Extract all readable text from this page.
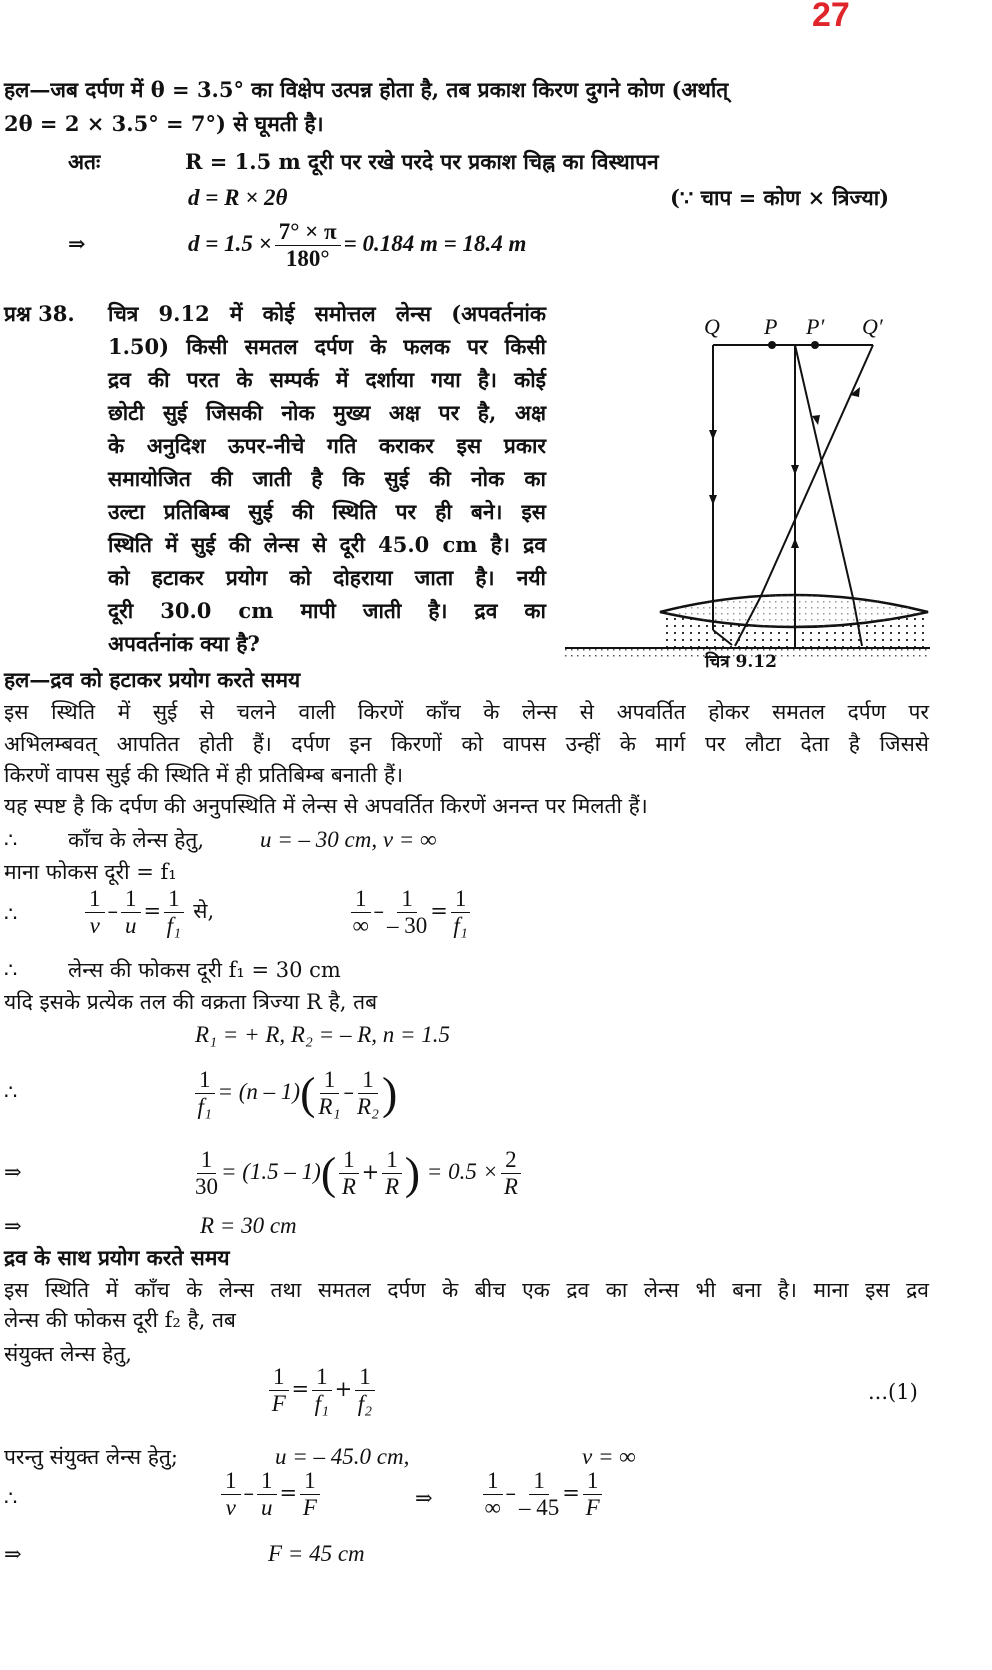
27
हल—जब दर्पण में θ = 3.5° का विक्षेप उत्पन्न होता है, तब प्रकाश किरण दुगने कोण (अर्थात्
2θ = 2 × 3.5° = 7°) से घूमती है।
अतः	R = 1.5 m दूरी पर रखे परदे पर प्रकाश चिह्न का विस्थापन
d = R × 2θ	(∵ चाप = कोण × त्रिज्या)
⇒	$d = 1.5 \times \frac{7^\circ \times \pi}{180^\circ} = 0.184$ m = 18.4 m
प्रश्न 38. चित्र 9.12 में कोई समोत्तल लेन्स (अपवर्तनांक
1.50) किसी समतल दर्पण के फलक पर किसी
द्रव की परत के सम्पर्क में दर्शाया गया है। कोई
छोटी सुई जिसकी नोक मुख्य अक्ष पर है, अक्ष
के अनुदिश ऊपर-नीचे गति कराकर इस प्रकार
समायोजित की जाती है कि सुई की नोक का
उल्टा प्रतिबिम्ब सुई की स्थिति पर ही बने। इस
स्थिति में सुई की लेन्स से दूरी 45.0 cm है। द्रव
को हटाकर प्रयोग को दोहराया जाता है। नयी
दूरी 30.0 cm मापी जाती है। द्रव का
अपवर्तनांक क्या है?
Q P P′ Q′
चित्र 9.12
हल—द्रव को हटाकर प्रयोग करते समय
इस स्थिति में सुई से चलने वाली किरणें काँच के लेन्स से अपवर्तित होकर समतल दर्पण पर
अभिलम्बवत् आपतित होती हैं। दर्पण इन किरणों को वापस उन्हीं के मार्ग पर लौटा देता है जिससे
किरणें वापस सुई की स्थिति में ही प्रतिबिम्ब बनाती हैं।
यह स्पष्ट है कि दर्पण की अनुपस्थिति में लेन्स से अपवर्तित किरणें अनन्त पर मिलती हैं।
∴ काँच के लेन्स हेतु, u = – 30 cm, v = ∞
माना फोकस दूरी = f₁
∴	$\frac{1}{v} - \frac{1}{u} = \frac{1}{\text{f₁}}$ से,	1
∞
– $\frac{1}{- 30} = \frac{1}{\text{f₁}}$
∴ लेन्स की फोकस दूरी f₁ = 30 cm
यदि इसके प्रत्येक तल की वक्रता त्रिज्या R है, तब
R₁ = + R, R₂ = – R, n = 1.5
∴	$\frac{1}{\text{f₁}} = (n - 1)( \frac{1}{\text{R₁}} - \frac{1}{\text{R₂}}$ )
⇒	$\frac{1}{30} = (1.5 - 1)( \frac{1}{R} + \frac{1}{R}$ ) = $0.5 \times \frac{2}{R}$
⇒	R = 30 cm
द्रव के साथ प्रयोग करते समय
इस स्थिति में काँच के लेन्स तथा समतल दर्पण के बीच एक द्रव का लेन्स भी बना है। माना इस द्रव
लेन्स की फोकस दूरी f₂ है, तब
संयुक्त लेन्स हेतु,
$\frac{1}{F} = \frac{1}{\text{f₁}} + \frac{1}{\text{f₂}}$	...(1)
परन्तु संयुक्त लेन्स हेतु;	u = – 45.0 cm,	v = ∞
∴	$\frac{1}{v} - \frac{1}{u} = \frac{1}{F}$	⇒
1
∞
– $\frac{1}{- 45} = \frac{1}{F}$
⇒	F = 45 cm
